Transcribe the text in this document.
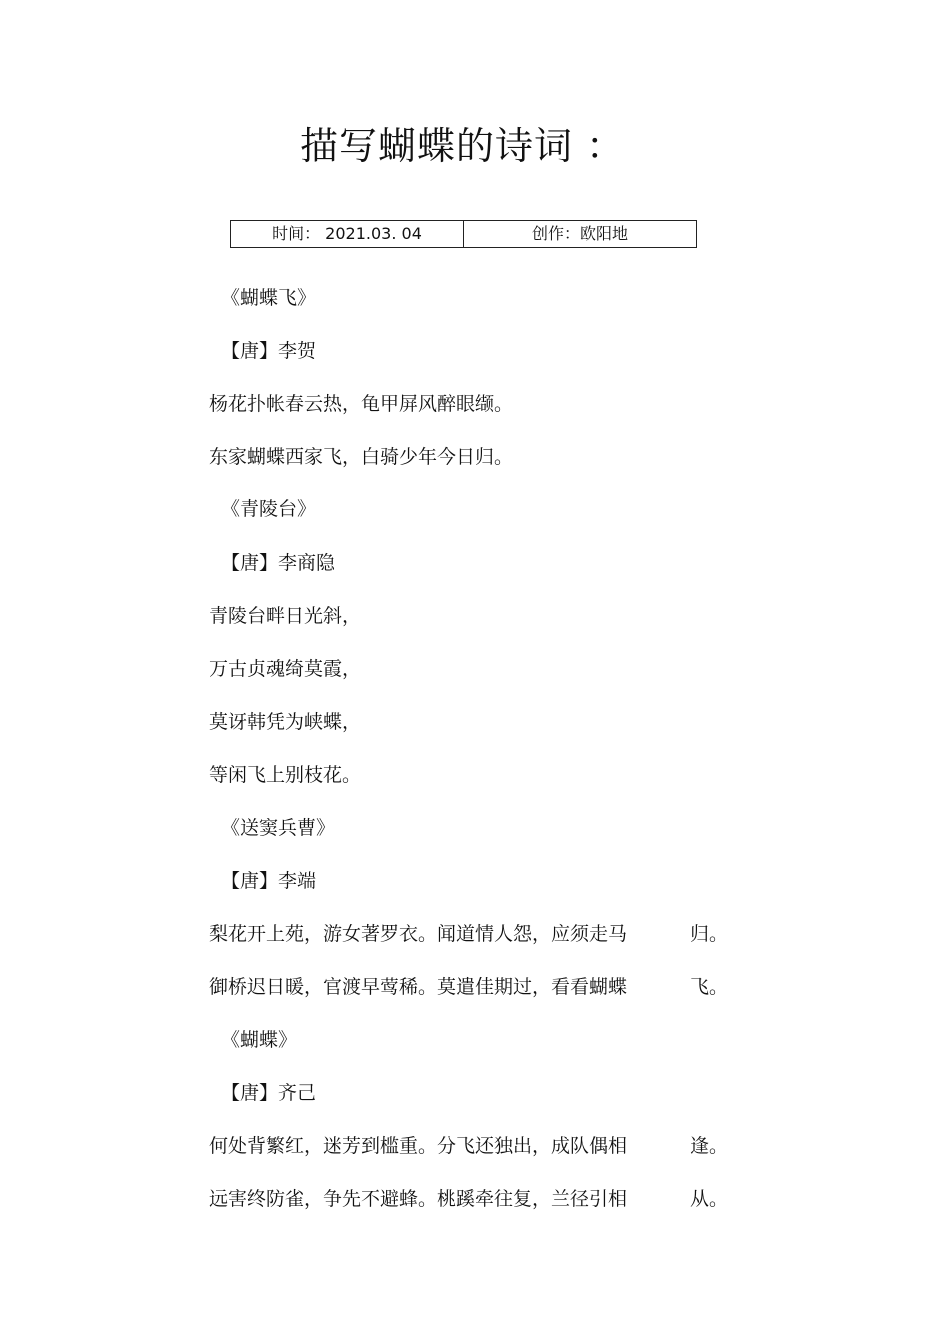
描写蝴蝶的诗词 ：
时间： 2021.03. 04	创作：欧阳地
《蝴蝶飞》
【唐】李贺
杨花扑帐春云热，龟甲屏风醉眼缬。
东家蝴蝶西家飞，白骑少年今日归。
《青陵台》
【唐】李商隐
青陵台畔日光斜，
万古贞魂绮莫霞，
莫讶韩凭为峡蝶，
等闲飞上别枝花。
《送窦兵曹》
【唐】李端
梨花开上苑，游女著罗衣。闻道情人怨，应须走马	归。
御桥迟日暖，官渡早莺稀。莫遣佳期过，看看蝴蝶	飞。
《蝴蝶》
【唐】齐己
何处背繁红，迷芳到槛重。分飞还独出，成队偶相	逢。
远害终防雀，争先不避蜂。桃蹊牵往复，兰径引相	从。
